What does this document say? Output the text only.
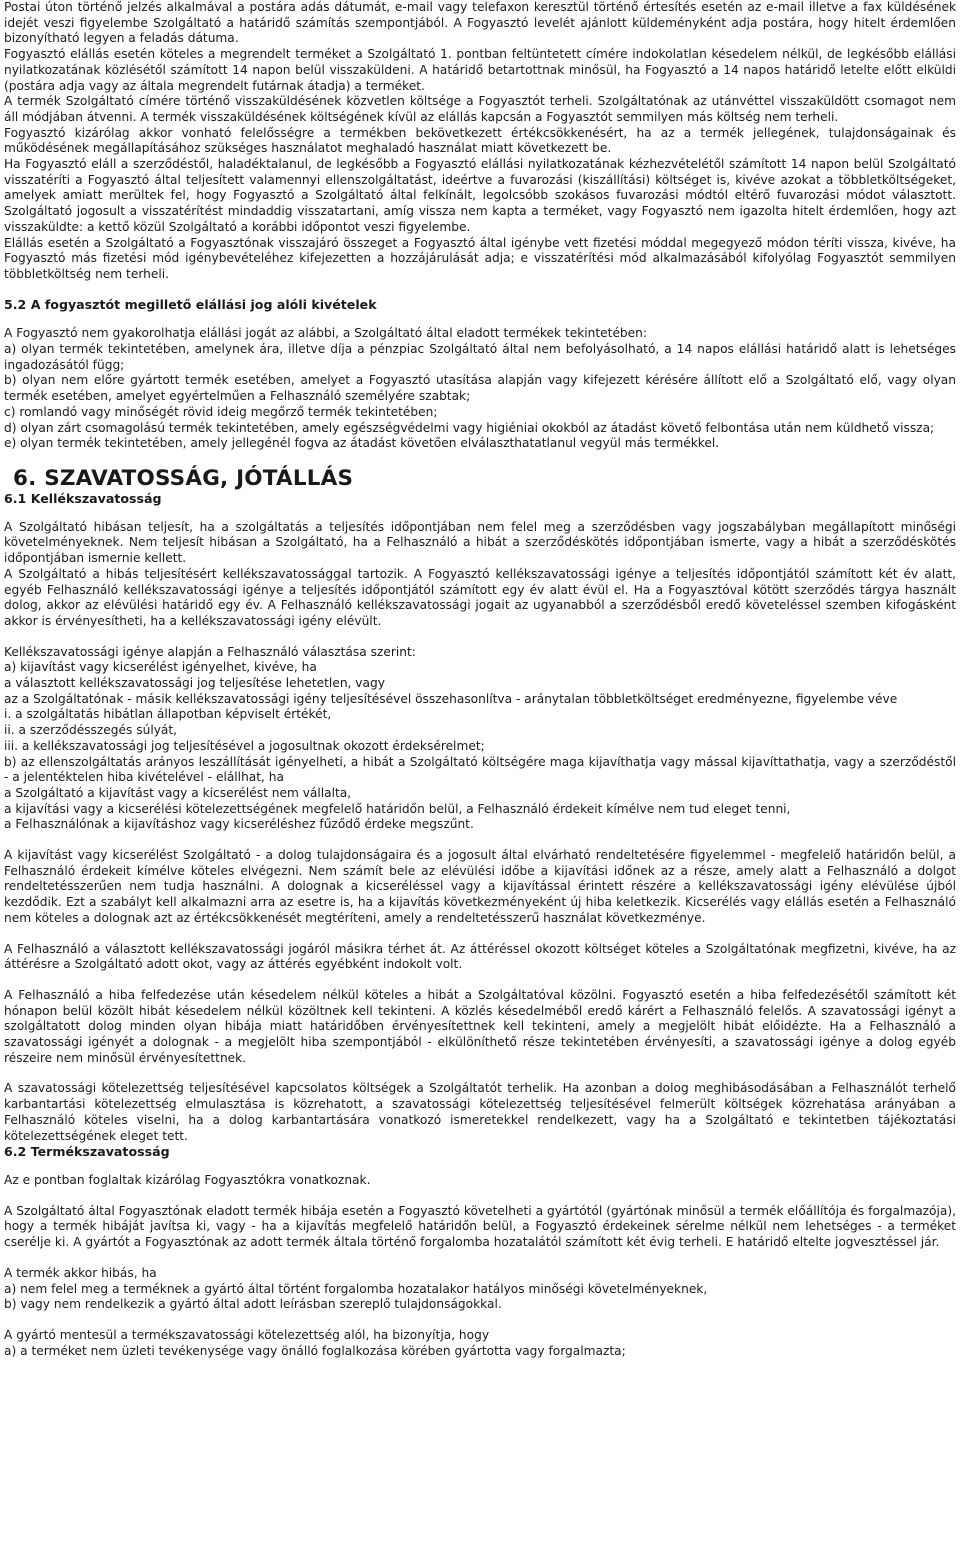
Postai úton történő jelzés alkalmával a postára adás dátumát, e-mail vagy telefaxon keresztül történő értesítés esetén az e-mail illetve a fax küldésének idejét veszi figyelembe Szolgáltató a határidő számítás szempontjából. A Fogyasztó levelét ajánlott küldeményként adja postára, hogy hitelt érdemlően bizonyítható legyen a feladás dátuma.

Fogyasztó elállás esetén köteles a megrendelt terméket a Szolgáltató 1. pontban feltüntetett címére indokolatlan késedelem nélkül, de legkésőbb elállási nyilatkozatának közlésétől számított 14 napon belül visszaküldeni. A határidő betartottnak minősül, ha Fogyasztó a 14 napos határidő letelte előtt elküldi (postára adja vagy az általa megrendelt futárnak átadja) a terméket.

A termék Szolgáltató címére történő visszaküldésének közvetlen költsége a Fogyasztót terheli. Szolgáltatónak az utánvéttel visszaküldött csomagot nem áll módjában átvenni. A termék visszaküldésének költségének kívül az elállás kapcsán a Fogyasztót semmilyen más költség nem terheli.

Fogyasztó kizárólag akkor vonható felelősségre a termékben bekövetkezett értékcsökkenésért, ha az a termék jellegének, tulajdonságainak és működésének megállapításához szükséges használatot meghaladó használat miatt következett be.

Ha Fogyasztó eláll a szerződéstől, haladéktalanul, de legkésőbb a Fogyasztó elállási nyilatkozatának kézhezvételétől számított 14 napon belül Szolgáltató visszatéríti a Fogyasztó által teljesített valamennyi ellenszolgáltatást, ideértve a fuvarozási (kiszállítási) költséget is, kivéve azokat a többletköltségeket, amelyek amiatt merültek fel, hogy Fogyasztó a Szolgáltató által felkínált, legolcsóbb szokásos fuvarozási módtól eltérő fuvarozási módot választott. Szolgáltató jogosult a visszatérítést mindaddig visszatartani, amíg vissza nem kapta a terméket, vagy Fogyasztó nem igazolta hitelt érdemlően, hogy azt visszaküldte: a kettő közül Szolgáltató a korábbi időpontot veszi figyelembe.

Elállás esetén a Szolgáltató a Fogyasztónak visszajáró összeget a Fogyasztó által igénybe vett fizetési móddal megegyező módon téríti vissza, kivéve, ha Fogyasztó más fizetési mód igénybevételéhez kifejezetten a hozzájárulását adja; e visszatérítési mód alkalmazásából kifolyólag Fogyasztót semmilyen többletköltség nem terheli.

5.2 A fogyasztót megillető elállási jog alóli kivételek

A Fogyasztó nem gyakorolhatja elállási jogát az alábbi, a Szolgáltató által eladott termékek tekintetében:

a) olyan termék tekintetében, amelynek ára, illetve díja a pénzpiac Szolgáltató által nem befolyásolható, a 14 napos elállási határidő alatt is lehetséges ingadozásától függ;

b) olyan nem előre gyártott termék esetében, amelyet a Fogyasztó utasítása alapján vagy kifejezett kérésére állított elő a Szolgáltató elő, vagy olyan termék esetében, amelyet egyértelműen a Felhasználó személyére szabtak;

c) romlandó vagy minőségét rövid ideig megőrző termék tekintetében;

d) olyan zárt csomagolású termék tekintetében, amely egészségvédelmi vagy higiéniai okokból az átadást követő felbontása után nem küldhető vissza;

e) olyan termék tekintetében, amely jellegénél fogva az átadást követően elválaszthatatlanul vegyül más termékkel.

6. SZAVATOSSÁG, JÓTÁLLÁS
6.1 Kellékszavatosság

A Szolgáltató hibásan teljesít, ha a szolgáltatás a teljesítés időpontjában nem felel meg a szerződésben vagy jogszabályban megállapított minőségi követelményeknek. Nem teljesít hibásan a Szolgáltató, ha a Felhasználó a hibát a szerződéskötés időpontjában ismerte, vagy a hibát a szerződéskötés időpontjában ismernie kellett.

A Szolgáltató a hibás teljesítésért kellékszavatossággal tartozik. A Fogyasztó kellékszavatossági igénye a teljesítés időpontjától számított két év alatt, egyéb Felhasználó kellékszavatossági igénye a teljesítés időpontjától számított egy év alatt évül el. Ha a Fogyasztóval kötött szerződés tárgya használt dolog, akkor az elévülési határidő egy év. A Felhasználó kellékszavatossági jogait az ugyanabból a szerződésből eredő követeléssel szemben kifogásként akkor is érvényesítheti, ha a kellékszavatossági igény elévült.

Kellékszavatossági igénye alapján a Felhasználó választása szerint:

a) kijavítást vagy kicserélést igényelhet, kivéve, ha

a választott kellékszavatossági jog teljesítése lehetetlen, vagy

az a Szolgáltatónak - másik kellékszavatossági igény teljesítésével összehasonlítva - aránytalan többletköltséget eredményezne, figyelembe véve

i. a szolgáltatás hibátlan állapotban képviselt értékét,

ii. a szerződésszegés súlyát,

iii. a kellékszavatossági jog teljesítésével a jogosultnak okozott érdeksérelmet;

b) az ellenszolgáltatás arányos leszállítását igényelheti, a hibát a Szolgáltató költségére maga kijavíthatja vagy mással kijavíttathatja, vagy a szerződéstől - a jelentéktelen hiba kivételével - elállhat, ha

a Szolgáltató a kijavítást vagy a kicserélést nem vállalta,

a kijavítási vagy a kicserélési kötelezettségének megfelelő határidőn belül, a Felhasználó érdekeit kímélve nem tud eleget tenni,

a Felhasználónak a kijavításhoz vagy kicseréléshez fűződő érdeke megszűnt.

A kijavítást vagy kicserélést Szolgáltató - a dolog tulajdonságaira és a jogosult által elvárható rendeltetésére figyelemmel - megfelelő határidőn belül, a Felhasználó érdekeit kímélve köteles elvégezni. Nem számít bele az elévülési időbe a kijavítási időnek az a része, amely alatt a Felhasználó a dolgot rendeltetésszerűen nem tudja használni. A dolognak a kicseréléssel vagy a kijavítással érintett részére a kellékszavatossági igény elévülése újból kezdődik. Ezt a szabályt kell alkalmazni arra az esetre is, ha a kijavítás következményeként új hiba keletkezik. Kicserélés vagy elállás esetén a Felhasználó nem köteles a dolognak azt az értékcsökkenését megtéríteni, amely a rendeltetésszerű használat következménye.

A Felhasználó a választott kellékszavatossági jogáról másikra térhet át. Az áttéréssel okozott költséget köteles a Szolgáltatónak megfizetni, kivéve, ha az áttérésre a Szolgáltató adott okot, vagy az áttérés egyébként indokolt volt.

A Felhasználó a hiba felfedezése után késedelem nélkül köteles a hibát a Szolgáltatóval közölni. Fogyasztó esetén a hiba felfedezésétől számított két hónapon belül közölt hibát késedelem nélkül közöltnek kell tekinteni. A közlés késedelméből eredő kárért a Felhasználó felelős. A szavatossági igényt a szolgáltatott dolog minden olyan hibája miatt határidőben érvényesítettnek kell tekinteni, amely a megjelölt hibát előidézte. Ha a Felhasználó a szavatossági igényét a dolognak - a megjelölt hiba szempontjából - elkülöníthető része tekintetében érvényesíti, a szavatossági igénye a dolog egyéb részeire nem minősül érvényesítettnek.

A szavatossági kötelezettség teljesítésével kapcsolatos költségek a Szolgáltatót terhelik. Ha azonban a dolog meghibásodásában a Felhasználót terhelő karbantartási kötelezettség elmulasztása is közrehatott, a szavatossági kötelezettség teljesítésével felmerült költségek közrehatása arányában a Felhasználó köteles viselni, ha a dolog karbantartására vonatkozó ismeretekkel rendelkezett, vagy ha a Szolgáltató e tekintetben tájékoztatási kötelezettségének eleget tett.

6.2 Termékszavatosság

Az e pontban foglaltak kizárólag Fogyasztókra vonatkoznak.

A Szolgáltató által Fogyasztónak eladott termék hibája esetén a Fogyasztó követelheti a gyártótól (gyártónak minősül a termék előállítója és forgalmazója), hogy a termék hibáját javítsa ki, vagy - ha a kijavítás megfelelő határidőn belül, a Fogyasztó érdekeinek sérelme nélkül nem lehetséges - a terméket cserélje ki. A gyártót a Fogyasztónak az adott termék általa történő forgalomba hozatalától számított két évig terheli. E határidő eltelte jogvesztéssel jár.

A termék akkor hibás, ha

a) nem felel meg a terméknek a gyártó által történt forgalomba hozatalakor hatályos minőségi követelményeknek,

b) vagy nem rendelkezik a gyártó által adott leírásban szereplő tulajdonságokkal.

A gyártó mentesül a termékszavatossági kötelezettség alól, ha bizonyítja, hogy

a) a terméket nem üzleti tevékenysége vagy önálló foglalkozása körében gyártotta vagy forgalmazta;
